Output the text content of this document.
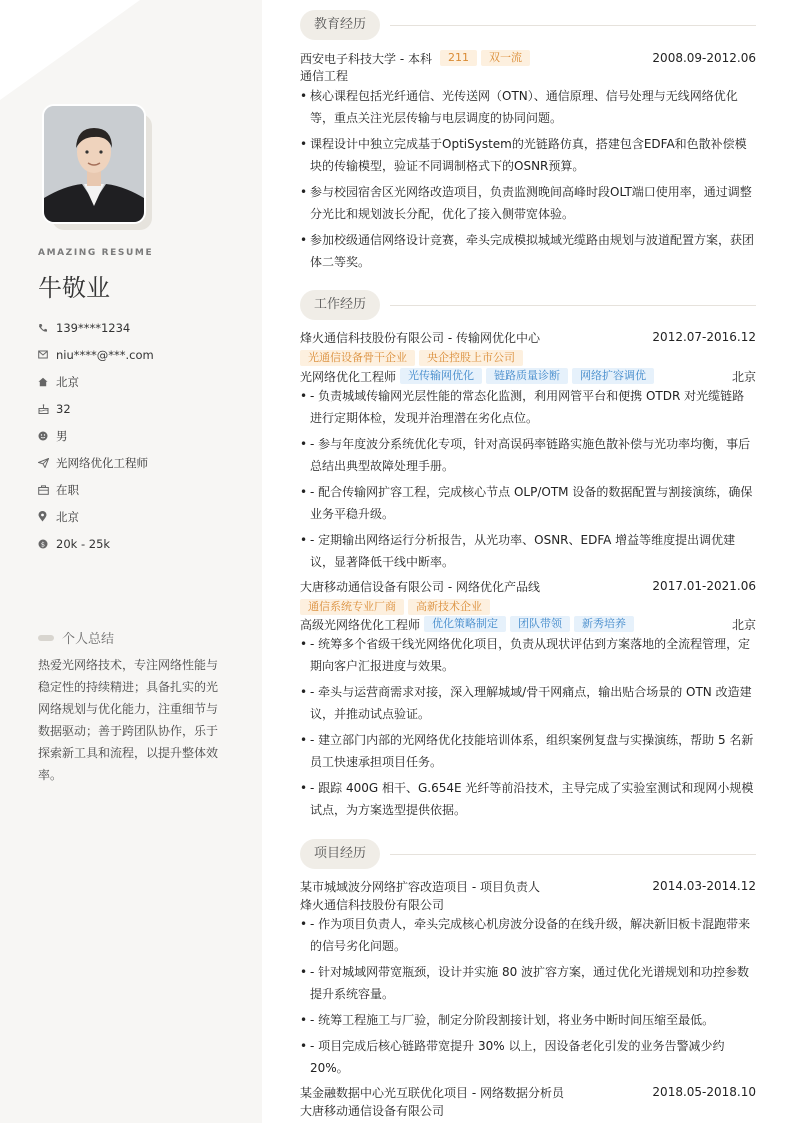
AMAZING RESUME
牛敬业
139****1234
niu****@***.com
北京
32
男
光网络优化工程师
在职
北京
$ 20k - 25k
个人总结
热爱光网络技术，专注网络性能与稳定性的持续精进；具备扎实的光网络规划与优化能力，注重细节与数据驱动；善于跨团队协作，乐于探索新工具和流程，以提升整体效率。
教育经历
西安电子科技大学 - 本科	211	双一流	2008.09-2012.06
通信工程
• 核心课程包括光纤通信、光传送网（OTN）、通信原理、信号处理与无线网络优化等，重点关注光层传输与电层调度的协同问题。
• 课程设计中独立完成基于OptiSystem的光链路仿真，搭建包含EDFA和色散补偿模块的传输模型，验证不同调制格式下的OSNR预算。
• 参与校园宿舍区光网络改造项目，负责监测晚间高峰时段OLT端口使用率，通过调整分光比和规划波长分配，优化了接入侧带宽体验。
• 参加校级通信网络设计竞赛，牵头完成模拟城域光缆路由规划与波道配置方案，获团体二等奖。
工作经历
烽火通信科技股份有限公司 - 传输网优化中心	2012.07-2016.12
光通信设备骨干企业	央企控股上市公司
光网络优化工程师	光传输网优化	链路质量诊断	网络扩容调优	北京
• - 负责城域传输网光层性能的常态化监测，利用网管平台和便携 OTDR 对光缆链路进行定期体检，发现并治理潜在劣化点位。
• - 参与年度波分系统优化专项，针对高误码率链路实施色散补偿与光功率均衡，事后总结出典型故障处理手册。
• - 配合传输网扩容工程，完成核心节点 OLP/OTM 设备的数据配置与割接演练，确保业务平稳升级。
• - 定期输出网络运行分析报告，从光功率、OSNR、EDFA 增益等维度提出调优建议，显著降低干线中断率。
大唐移动通信设备有限公司 - 网络优化产品线	2017.01-2021.06
通信系统专业厂商	高新技术企业
高级光网络优化工程师	优化策略制定	团队带领	新秀培养	北京
• - 统筹多个省级干线光网络优化项目，负责从现状评估到方案落地的全流程管理，定期向客户汇报进度与效果。
• - 牵头与运营商需求对接，深入理解城域/骨干网痛点，输出贴合场景的 OTN 改造建议，并推动试点验证。
• - 建立部门内部的光网络优化技能培训体系，组织案例复盘与实操演练，帮助 5 名新员工快速承担项目任务。
• - 跟踪 400G 相干、G.654E 光纤等前沿技术，主导完成了实验室测试和现网小规模试点，为方案选型提供依据。
项目经历
某市城域波分网络扩容改造项目 - 项目负责人	2014.03-2014.12
烽火通信科技股份有限公司
• - 作为项目负责人，牵头完成核心机房波分设备的在线升级，解决新旧板卡混跑带来的信号劣化问题。
• - 针对城域网带宽瓶颈，设计并实施 80 波扩容方案，通过优化光谱规划和功控参数提升系统容量。
• - 统筹工程施工与厂验，制定分阶段割接计划，将业务中断时间压缩至最低。
• - 项目完成后核心链路带宽提升 30% 以上，因设备老化引发的业务告警减少约 20%。
某金融数据中心光互联优化项目 - 网络数据分析员	2018.05-2018.10
大唐移动通信设备有限公司
